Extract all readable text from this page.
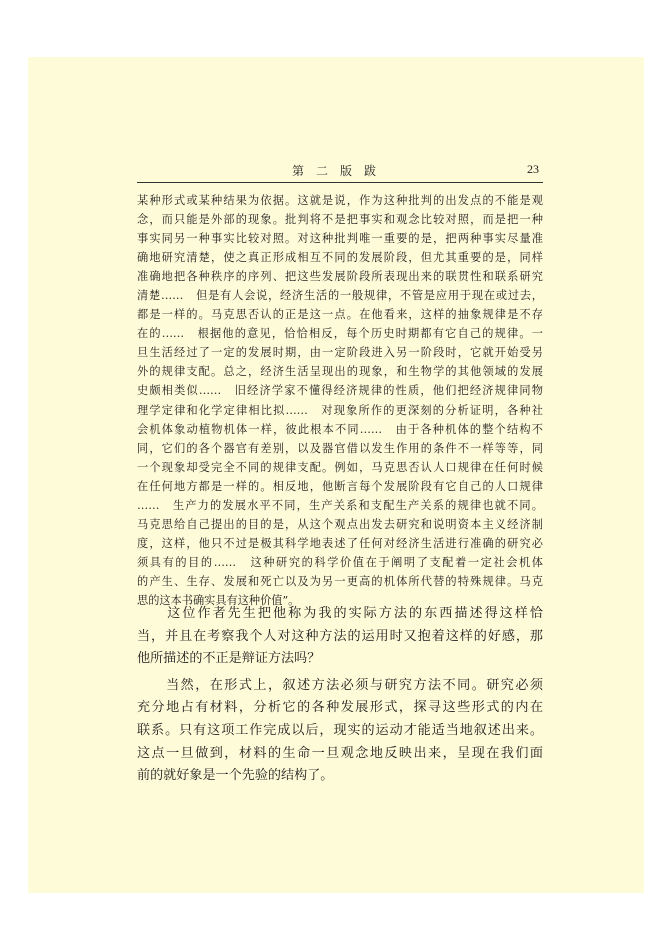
第二版跋	23
某种形式或某种结果为依据。这就是说，作为这种批判的出发点的不能是观
念，而只能是外部的现象。批判将不是把事实和观念比较对照，而是把一种
事实同另一种事实比较对照。对这种批判唯一重要的是，把两种事实尽量准
确地研究清楚，使之真正形成相互不同的发展阶段，但尤其重要的是，同样
准确地把各种秩序的序列、把这些发展阶段所表现出来的联贯性和联系研究
清楚……　但是有人会说，经济生活的一般规律，不管是应用于现在或过去，
都是一样的。马克思否认的正是这一点。在他看来，这样的抽象规律是不存
在的……　根据他的意见，恰恰相反，每个历史时期都有它自己的规律。一
旦生活经过了一定的发展时期，由一定阶段进入另一阶段时，它就开始受另
外的规律支配。总之，经济生活呈现出的现象，和生物学的其他领域的发展
史颇相类似……　旧经济学家不懂得经济规律的性质，他们把经济规律同物
理学定律和化学定律相比拟……　对现象所作的更深刻的分析证明，各种社
会机体象动植物机体一样，彼此根本不同……　由于各种机体的整个结构不
同，它们的各个器官有差别，以及器官借以发生作用的条件不一样等等，同
一个现象却受完全不同的规律支配。例如，马克思否认人口规律在任何时候
在任何地方都是一样的。相反地，他断言每个发展阶段有它自己的人口规律
……　生产力的发展水平不同，生产关系和支配生产关系的规律也就不同。
马克思给自己提出的目的是，从这个观点出发去研究和说明资本主义经济制
度，这样，他只不过是极其科学地表述了任何对经济生活进行准确的研究必
须具有的目的……　这种研究的科学价值在于阐明了支配着一定社会机体
的产生、生存、发展和死亡以及为另一更高的机体所代替的特殊规律。马克
思的这本书确实具有这种价值”。
　　这位作者先生把他称为我的实际方法的东西描述得这样恰
当，并且在考察我个人对这种方法的运用时又抱着这样的好感，那
他所描述的不正是辩证方法吗？
　　当然，在形式上，叙述方法必须与研究方法不同。研究必须
充分地占有材料，分析它的各种发展形式，探寻这些形式的内在
联系。只有这项工作完成以后，现实的运动才能适当地叙述出来。
这点一旦做到，材料的生命一旦观念地反映出来，呈现在我们面
前的就好象是一个先验的结构了。
